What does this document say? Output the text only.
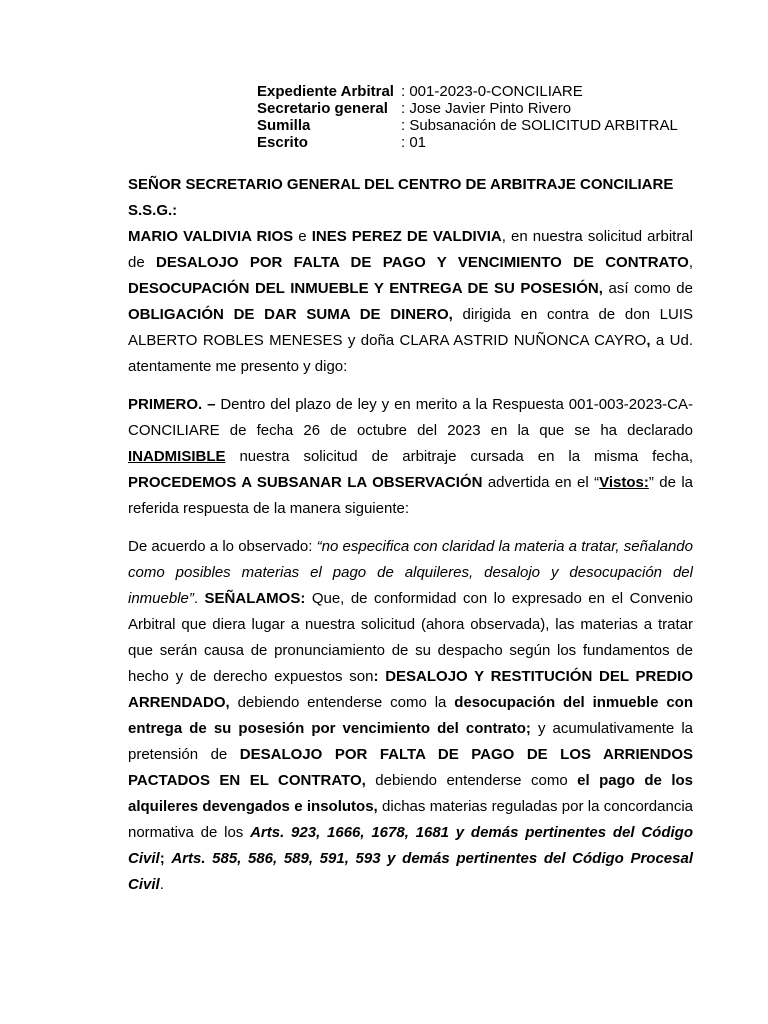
Expediente Arbitral : 001-2023-0-CONCILIARE
Secretario general : Jose Javier Pinto Rivero
Sumilla	: Subsanación de SOLICITUD ARBITRAL
Escrito	: 01

SEÑOR SECRETARIO GENERAL DEL CENTRO DE ARBITRAJE CONCILIARE

S.S.G.:

MARIO VALDIVIA RIOS e INES PEREZ DE VALDIVIA, en nuestra solicitud arbitral de DESALOJO POR FALTA DE PAGO Y VENCIMIENTO DE CONTRATO, DESOCUPACIÓN DEL INMUEBLE Y ENTREGA DE SU POSESIÓN, así como de OBLIGACIÓN DE DAR SUMA DE DINERO, dirigida en contra de don LUIS ALBERTO ROBLES MENESES y doña CLARA ASTRID NUÑONCA CAYRO, a Ud. atentamente me presento y digo:

PRIMERO. – Dentro del plazo de ley y en merito a la Respuesta 001-003-2023-CA-CONCILIARE de fecha 26 de octubre del 2023 en la que se ha declarado INADMISIBLE nuestra solicitud de arbitraje cursada en la misma fecha, PROCEDEMOS A SUBSANAR LA OBSERVACIÓN advertida en el “Vistos:” de la referida respuesta de la manera siguiente:

De acuerdo a lo observado: “no especifica con claridad la materia a tratar, señalando como posibles materias el pago de alquileres, desalojo y desocupación del inmueble”. SEÑALAMOS: Que, de conformidad con lo expresado en el Convenio Arbitral que diera lugar a nuestra solicitud (ahora observada), las materias a tratar que serán causa de pronunciamiento de su despacho según los fundamentos de hecho y de derecho expuestos son: DESALOJO Y RESTITUCIÓN DEL PREDIO ARRENDADO, debiendo entenderse como la desocupación del inmueble con entrega de su posesión por vencimiento del contrato; y acumulativamente la pretensión de DESALOJO POR FALTA DE PAGO DE LOS ARRIENDOS PACTADOS EN EL CONTRATO, debiendo entenderse como el pago de los alquileres devengados e insolutos, dichas materias reguladas por la concordancia normativa de los Arts. 923, 1666, 1678, 1681 y demás pertinentes del Código Civil; Arts. 585, 586, 589, 591, 593 y demás pertinentes del Código Procesal Civil.
